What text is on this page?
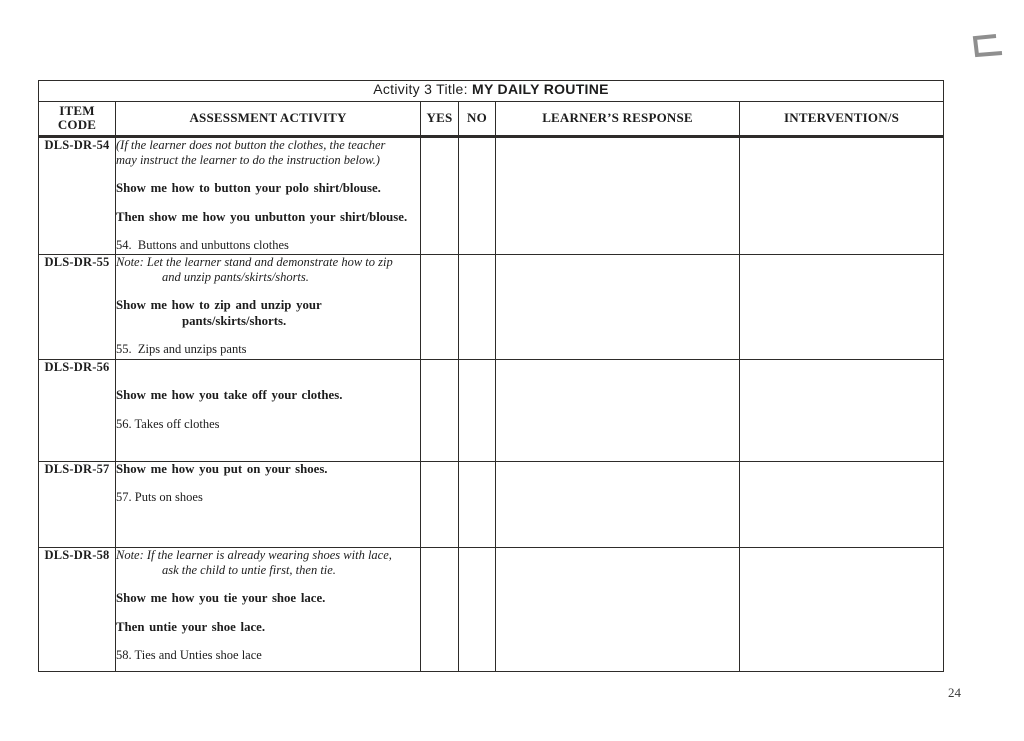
Activity 3 Title: MY DAILY ROUTINE					
ITEM CODE	ASSESSMENT ACTIVITY	YES	NO	LEARNER’S RESPONSE	INTERVENTION/S
DLS-DR-54	(If the learner does not button the clothes, the teacher
may instruct the learner to do the instruction below.)
Show me how to button your polo shirt/blouse.
Then show me how you unbutton your shirt/blouse.
54.  Buttons and unbuttons clothes				

DLS-DR-55	Note: Let the learner stand and demonstrate how to zip
and unzip pants/skirts/shorts.
Show me how to zip and unzip your
pants/skirts/shorts.
55.  Zips and unzips pants				

DLS-DR-56	Show me how you take off your clothes.
56. Takes off clothes				

DLS-DR-57	Show me how you put on your shoes.
57. Puts on shoes				

DLS-DR-58	Note: If the learner is already wearing shoes with lace,
ask the child to untie first, then tie.
Show me how you tie your shoe lace.
Then untie your shoe lace.
58. Ties and Unties shoe lace				

24
